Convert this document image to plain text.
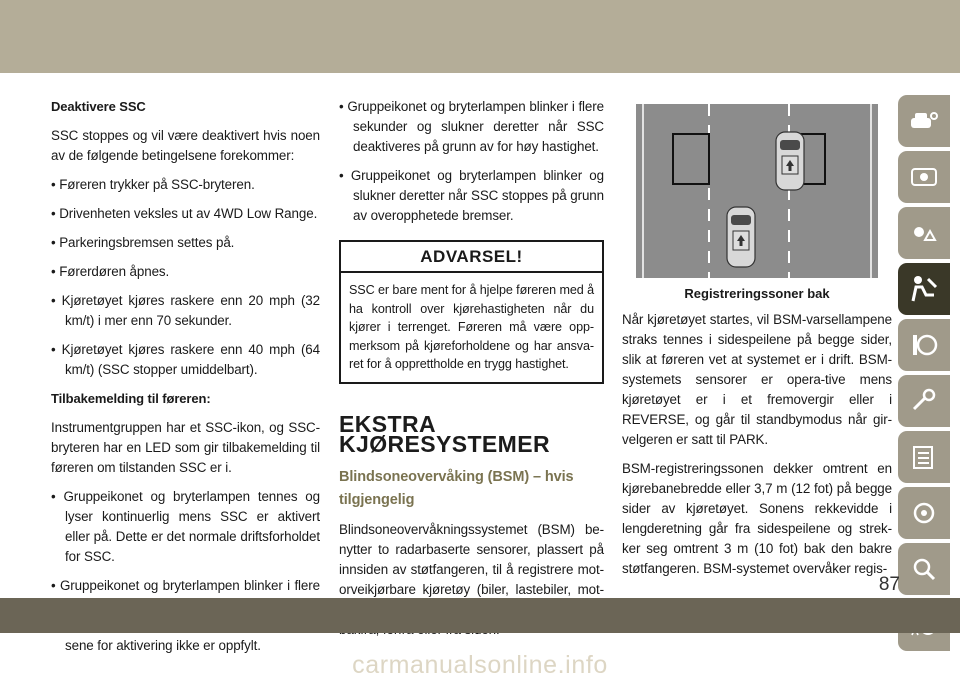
Deaktivere SSC

SSC stoppes og vil være deaktivert hvis noen av de følgende betingelsene forekommer:

• Føreren trykker på SSC-bryteren.
• Drivenheten veksles ut av 4WD Low Range.
• Parkeringsbremsen settes på.
• Førerdøren åpnes.
• Kjøretøyet kjøres raskere enn 20 mph (32 km/t) i mer enn 70 sekunder.
• Kjøretøyet kjøres raskere enn 40 mph (64 km/t) (SSC stopper umiddelbart).
Tilbakemelding til føreren:

Instrumentgruppen har et SSC-ikon, og SSC-bryteren har en LED som gir tilbakemelding til føreren om tilstanden SSC er i.

• Gruppeikonet og bryterlampen tennes og lyser kontinuerlig mens SSC er aktivert eller på. Dette er det normale driftsforholdet for SSC.
• Gruppeikonet og bryterlampen blinker i flere sene for aktivering ikke er oppfylt.
• Gruppeikonet og bryterlampen blinker i flere sekunder og slukner deretter når SSC deaktiveres på grunn av for høy hastighet.
• Gruppeikonet og bryterlampen blinker og slukner deretter når SSC stoppes på grunn av overopphetede bremser.
ADVARSEL!
SSC er bare ment for å hjelpe føreren med å ha kontroll over kjørehastigheten når du kjører i terrenget. Føreren må være opp-merksom på kjøreforholdene og har ansva-ret for å opprettholde en trygg hastighet.
EKSTRA KJØRESYSTEMER
Blindsoneovervåking (BSM) – hvis tilgjengelig

Blindsoneovervåkningssystemet (BSM) be-nytter to radarbaserte sensorer, plassert på innsiden av støtfangeren, til å registrere mot-orveikjørbare kjøretøy (biler, lastebiler, mot-

Registreringssoner bak

Når kjøretøyet startes, vil BSM-varsellampene straks tennes i sidespeilene på begge sider, slik at føreren vet at systemet er i drift. BSM-systemets sensorer er opera-tive mens kjøretøyet er i et fremovergir eller i REVERSE, og går til standbymodus når gir-velgeren er satt til PARK.

BSM-registreringssonen dekker omtrent en kjørebanebredde eller 3,7 m (12 fot) på begge sider av kjøretøyet. Sonens rekkevidde i lengderetning går fra sidespeilene og strek-ker seg omtrent 3 m (10 fot) bak den bakre støtfangeren. BSM-systemet overvåker regis-

87
carmanualsonline.info
